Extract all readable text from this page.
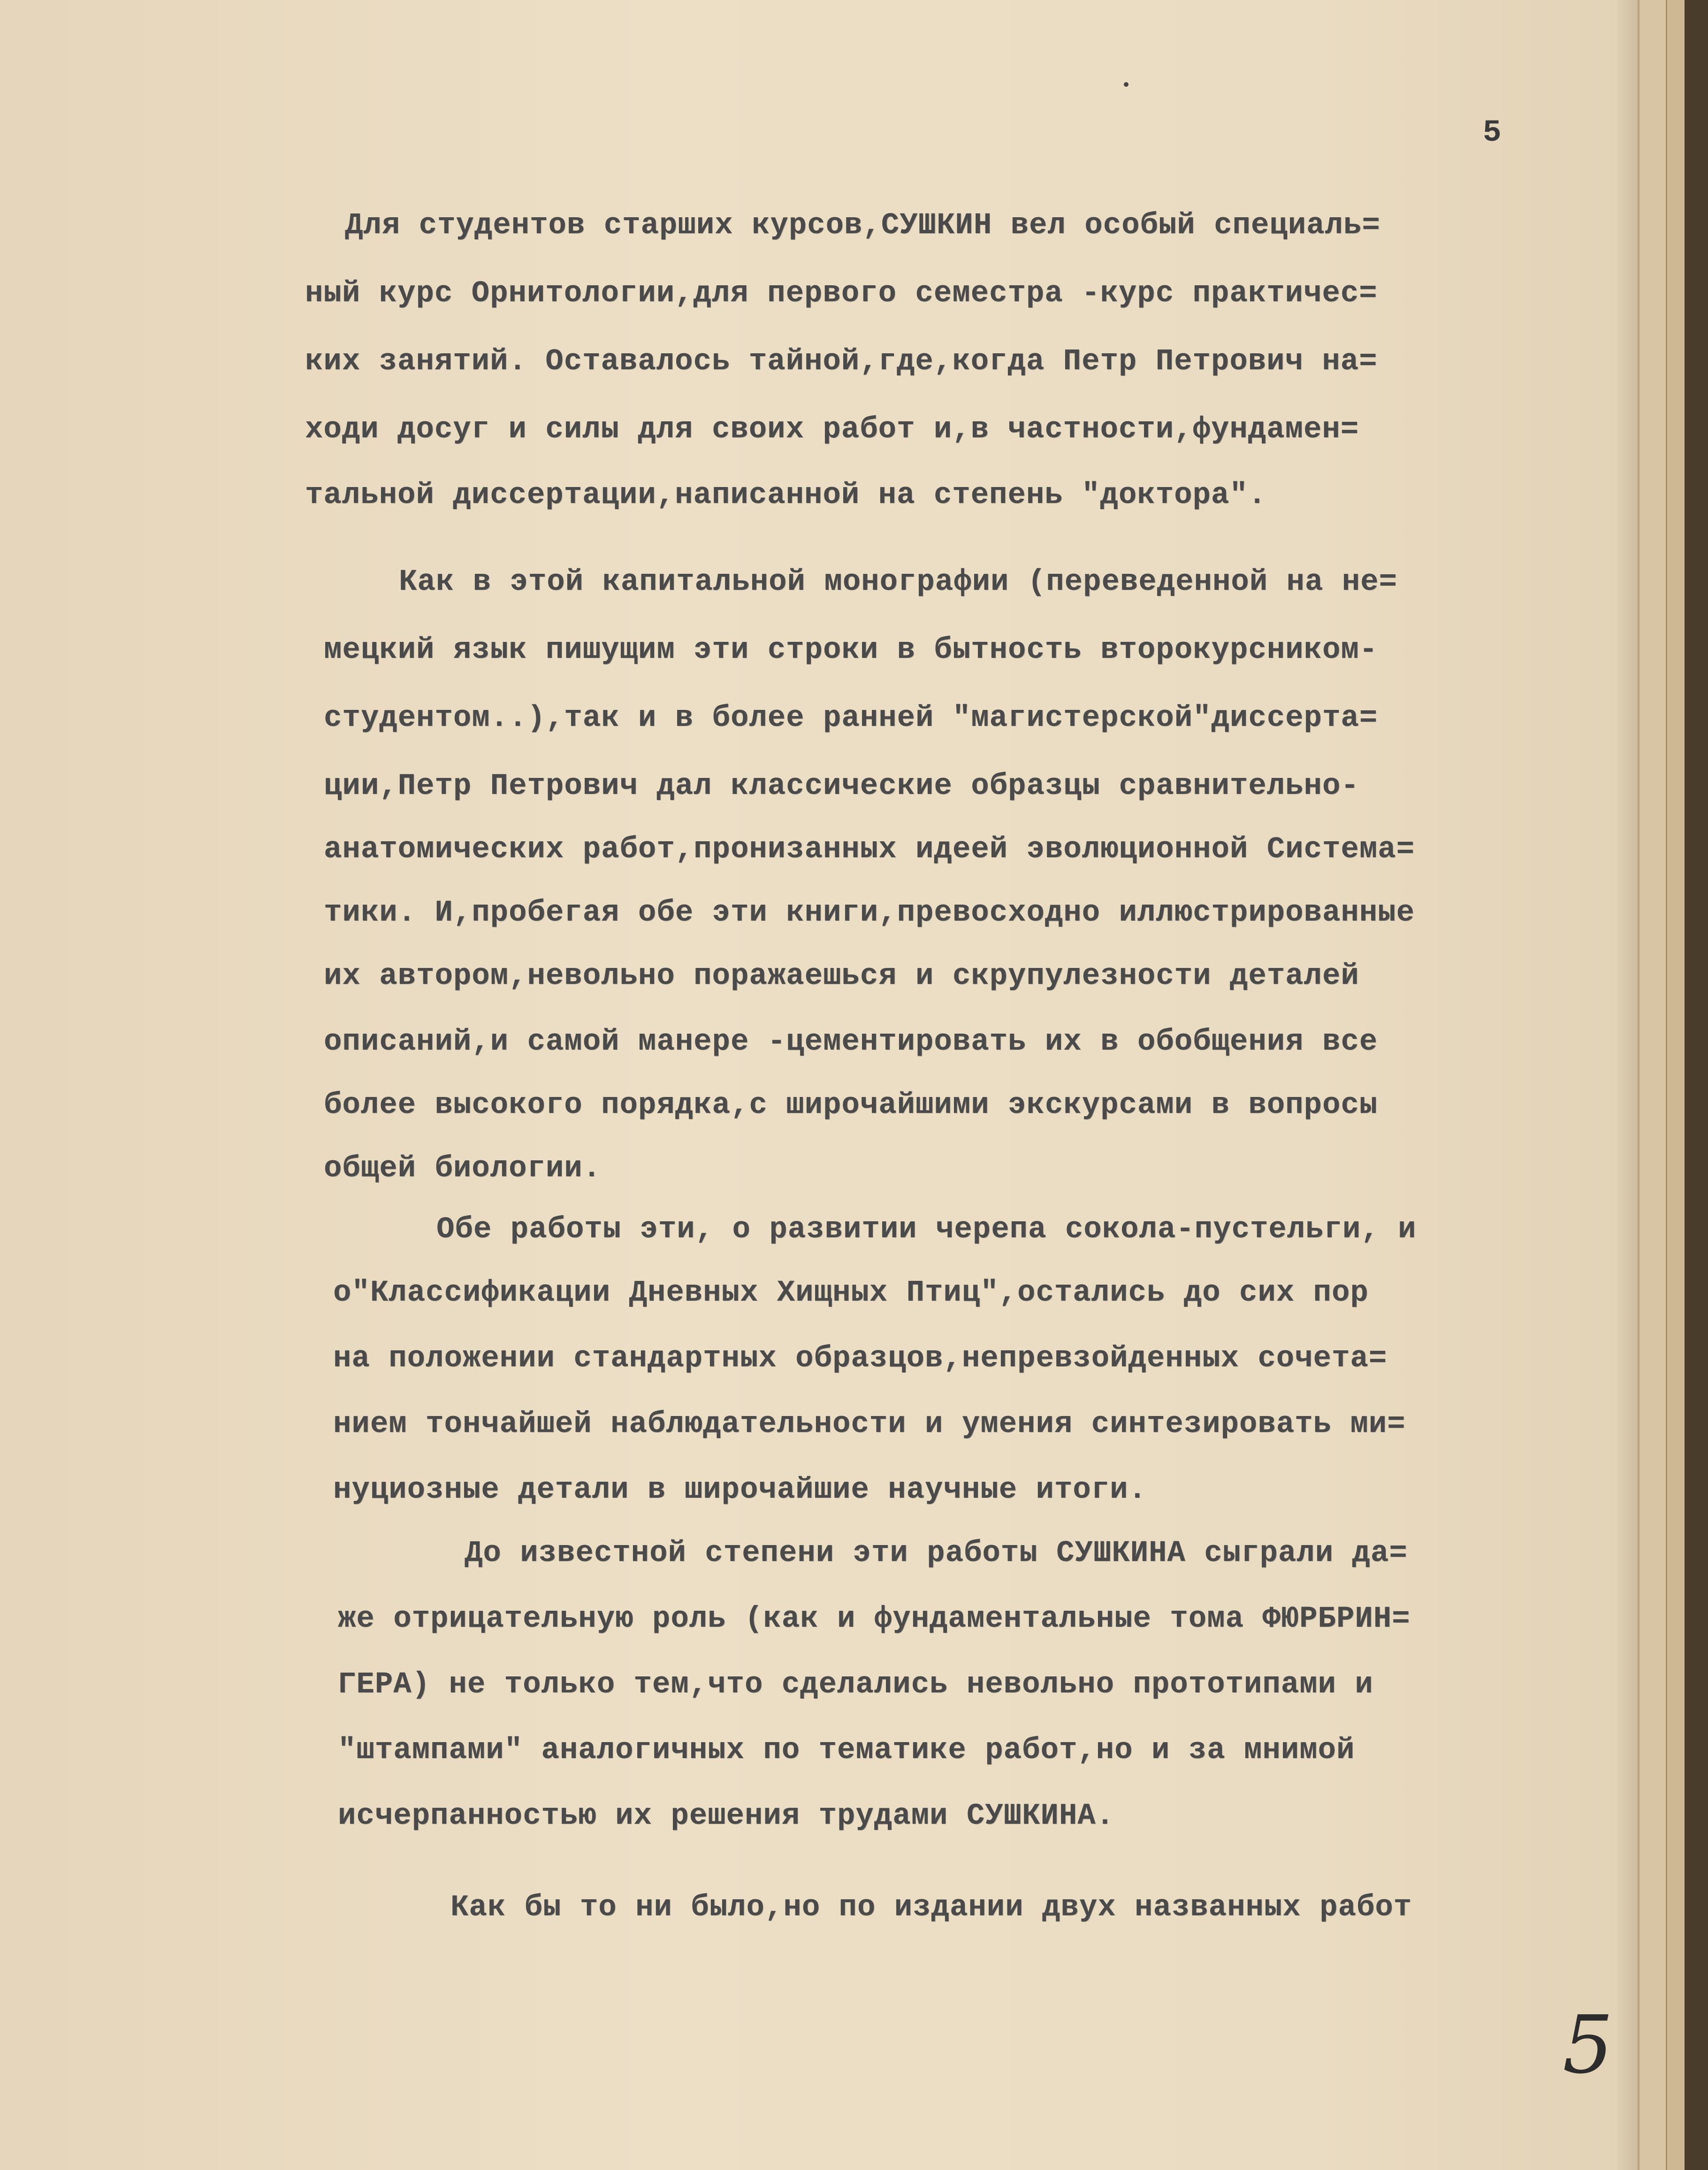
5
Для студентов старших курсов,СУШКИН вел особый специаль=
ный курс Орнитологии,для первого семестра -курс практичес=
ких занятий. Оставалось тайной,где,когда Петр Петрович на=
ходи досуг и силы для своих работ и,в частности,фундамен=
тальной диссертации,написанной на степень "доктора".
Как в этой капитальной монографии (переведенной на не=
мецкий язык пишущим эти строки в бытность второкурсником-
студентом..),так и в более ранней "магистерской"диссерта=
ции,Петр Петрович дал классические образцы сравнительно-
анатомических работ,пронизанных идеей эволюционной Система=
тики. И,пробегая обе эти книги,превосходно иллюстрированные
их автором,невольно поражаешься и скрупулезности деталей
описаний,и самой манере -цементировать их в обобщения все
более высокого порядка,с широчайшими экскурсами в вопросы
общей биологии.
Обе работы эти, о развитии черепа сокола-пустельги, и
о"Классификации Дневных Хищных Птиц",остались до сих пор
на положении стандартных образцов,непревзойденных сочета=
нием тончайшей наблюдательности и умения синтезировать ми=
нуциозные детали в широчайшие научные итоги.
До известной степени эти работы СУШКИНА сыграли да=
же отрицательную роль (как и фундаментальные тома ФЮРБРИН=
ГЕРА) не только тем,что сделались невольно прототипами и
"штампами" аналогичных по тематике работ,но и за мнимой
исчерпанностью их решения трудами СУШКИНА.
Как бы то ни было,но по издании двух названных работ
5
